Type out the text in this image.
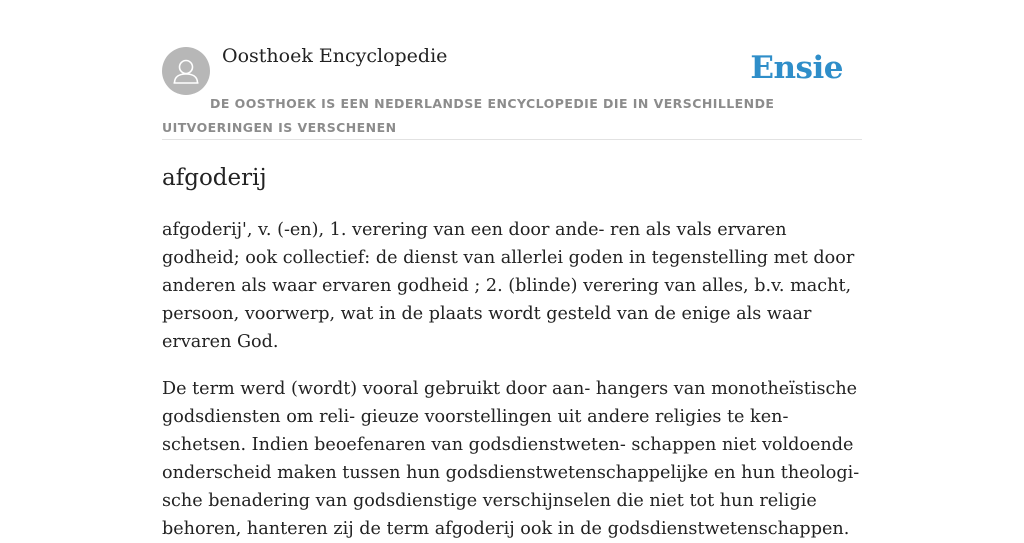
Oosthoek Encyclopedie	Ensie
DE OOSTHOEK IS EEN NEDERLANDSE ENCYCLOPEDIE DIE IN VERSCHILLENDE UITVOERINGEN IS VERSCHENEN
afgoderij

afgoderij', v. (-en), 1. verering van een door ande- ren als vals ervaren godheid; ook collectief: de dienst van allerlei goden in tegenstelling met door anderen als waar ervaren godheid ; 2. (blinde) verering van alles, b.v. macht, persoon, voorwerp, wat in de plaats wordt gesteld van de enige als waar ervaren God.

De term werd (wordt) vooral gebruikt door aan- hangers van monotheïstische godsdiensten om reli- gieuze voorstellingen uit andere religies te ken- schetsen. Indien beoefenaren van godsdienstweten- schappen niet voldoende onderscheid maken tussen hun godsdienstwetenschappelijke en hun theologi- sche benadering van godsdienstige verschijnselen die niet tot hun religie behoren, hanteren zij de term afgoderij ook in de godsdienstwetenschappen.
